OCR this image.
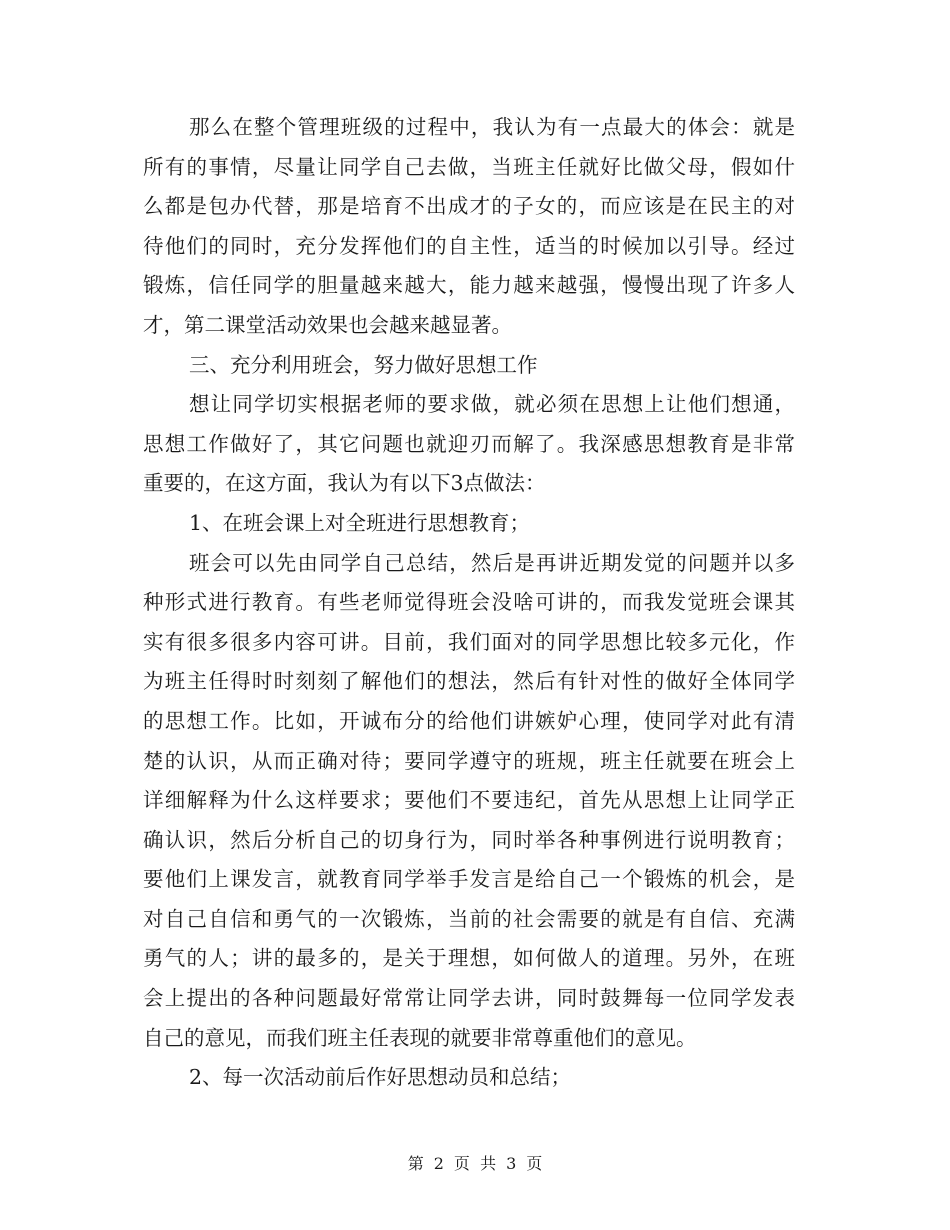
那么在整个管理班级的过程中，我认为有一点最大的体会：就是
所有的事情，尽量让同学自己去做，当班主任就好比做父母，假如什
么都是包办代替，那是培育不出成才的子女的，而应该是在民主的对
待他们的同时，充分发挥他们的自主性，适当的时候加以引导。经过
锻炼，信任同学的胆量越来越大，能力越来越强，慢慢出现了许多人
才，第二课堂活动效果也会越来越显著。
三、充分利用班会，努力做好思想工作
想让同学切实根据老师的要求做，就必须在思想上让他们想通，
思想工作做好了，其它问题也就迎刃而解了。我深感思想教育是非常
重要的，在这方面，我认为有以下3点做法：
1、在班会课上对全班进行思想教育；
班会可以先由同学自己总结，然后是再讲近期发觉的问题并以多
种形式进行教育。有些老师觉得班会没啥可讲的，而我发觉班会课其
实有很多很多内容可讲。目前，我们面对的同学思想比较多元化，作
为班主任得时时刻刻了解他们的想法，然后有针对性的做好全体同学
的思想工作。比如，开诚布分的给他们讲嫉妒心理，使同学对此有清
楚的认识，从而正确对待；要同学遵守的班规，班主任就要在班会上
详细解释为什么这样要求；要他们不要违纪，首先从思想上让同学正
确认识，然后分析自己的切身行为，同时举各种事例进行说明教育；
要他们上课发言，就教育同学举手发言是给自己一个锻炼的机会，是
对自己自信和勇气的一次锻炼，当前的社会需要的就是有自信、充满
勇气的人；讲的最多的，是关于理想，如何做人的道理。另外，在班
会上提出的各种问题最好常常让同学去讲，同时鼓舞每一位同学发表
自己的意见，而我们班主任表现的就要非常尊重他们的意见。
2、每一次活动前后作好思想动员和总结；
第 2 页  共 3 页
